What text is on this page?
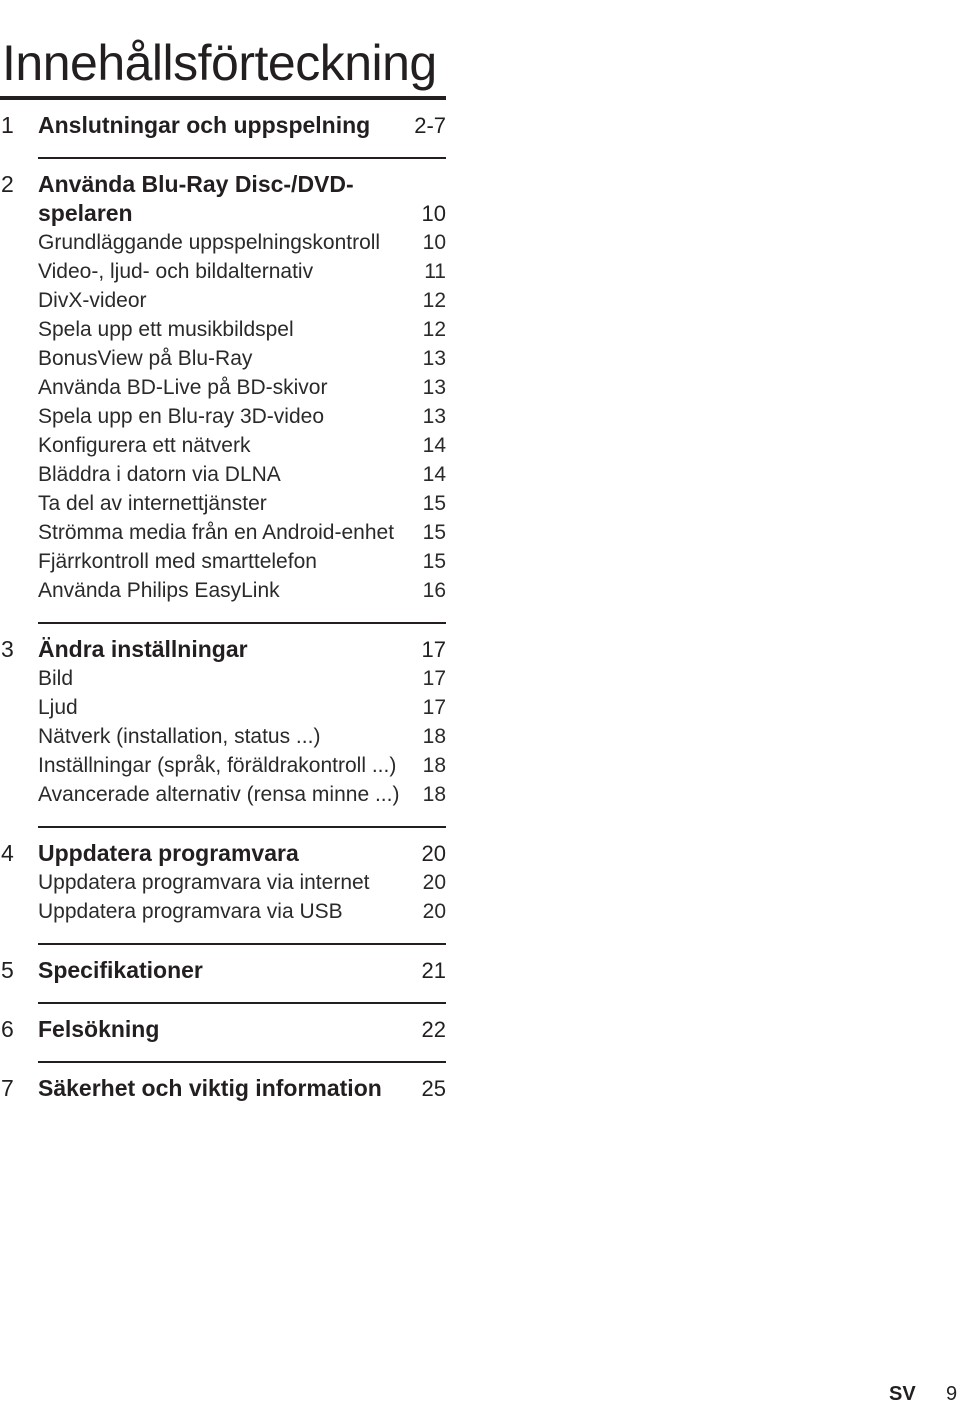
Innehållsförteckning
1 Anslutningar och uppspelning 2-7
2 Använda Blu-Ray Disc-/DVD-spelaren	10
Grundläggande uppspelningskontroll 10
Video-, ljud- och bildalternativ	11
DivX-videor	12
Spela upp ett musikbildspel	12
BonusView på Blu-Ray	13
Använda BD-Live på BD-skivor	13
Spela upp en Blu-ray 3D-video	13
Konfigurera ett nätverk	14
Bläddra i datorn via DLNA	14
Ta del av internettjänster	15
Strömma media från en Android-enhet 15
Fjärrkontroll med smarttelefon	15
Använda Philips EasyLink	16
3 Ändra inställningar	17
Bild	17
Ljud	17
Nätverk (installation, status ...)	18
Inställningar (språk, föräldrakontroll ...) 18
Avancerade alternativ (rensa minne ...) 18
4 Uppdatera programvara	20
Uppdatera programvara via internet	20
Uppdatera programvara via USB	20
5 Specifikationer	21
6 Felsökning	22
7 Säkerhet och viktig information 25
SV 9
